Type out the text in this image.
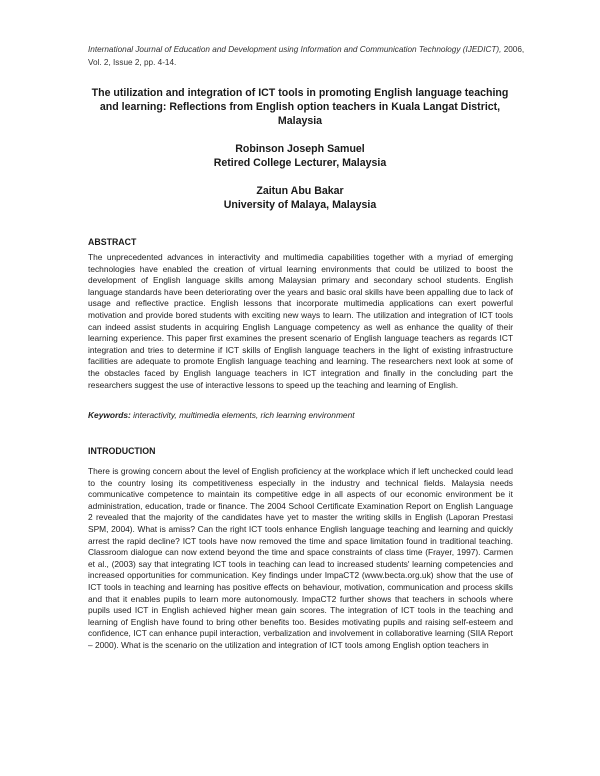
International Journal of Education and Development using Information and Communication Technology (IJEDICT), 2006, Vol. 2, Issue 2, pp. 4-14.
The utilization and integration of ICT tools in promoting English language teaching and learning: Reflections from English option teachers in Kuala Langat District, Malaysia
Robinson Joseph Samuel
Retired College Lecturer, Malaysia
Zaitun Abu Bakar
University of Malaya, Malaysia
ABSTRACT
The unprecedented advances in interactivity and multimedia capabilities together with a myriad of emerging technologies have enabled the creation of virtual learning environments that could be utilized to boost the development of English language skills among Malaysian primary and secondary school students. English language standards have been deteriorating over the years and basic oral skills have been appalling due to lack of usage and reflective practice. English lessons that incorporate multimedia applications can exert powerful motivation and provide bored students with exciting new ways to learn. The utilization and integration of ICT tools can indeed assist students in acquiring English Language competency as well as enhance the quality of their learning experience. This paper first examines the present scenario of English language teachers as regards ICT integration and tries to determine if ICT skills of English language teachers in the light of existing infrastructure facilities are adequate to promote English language teaching and learning. The researchers next look at some of the obstacles faced by English language teachers in ICT integration and finally in the concluding part the researchers suggest the use of interactive lessons to speed up the teaching and learning of English.
Keywords: interactivity, multimedia elements, rich learning environment
INTRODUCTION
There is growing concern about the level of English proficiency at the workplace which if left unchecked could lead to the country losing its competitiveness especially in the industry and technical fields. Malaysia needs communicative competence to maintain its competitive edge in all aspects of our economic environment be it administration, education, trade or finance. The 2004 School Certificate Examination Report on English Language 2 revealed that the majority of the candidates have yet to master the writing skills in English (Laporan Prestasi SPM, 2004). What is amiss? Can the right ICT tools enhance English language teaching and learning and quickly arrest the rapid decline? ICT tools have now removed the time and space limitation found in traditional teaching. Classroom dialogue can now extend beyond the time and space constraints of class time (Frayer, 1997). Carmen et al., (2003) say that integrating ICT tools in teaching can lead to increased students' learning competencies and increased opportunities for communication. Key findings under ImpaCT2 (www.becta.org.uk) show that the use of ICT tools in teaching and learning has positive effects on behaviour, motivation, communication and process skills and that it enables pupils to learn more autonomously. ImpaCT2 further shows that teachers in schools where pupils used ICT in English achieved higher mean gain scores. The integration of ICT tools in the teaching and learning of English have found to bring other benefits too. Besides motivating pupils and raising self-esteem and confidence, ICT can enhance pupil interaction, verbalization and involvement in collaborative learning (SIIA Report – 2000). What is the scenario on the utilization and integration of ICT tools among English option teachers in
